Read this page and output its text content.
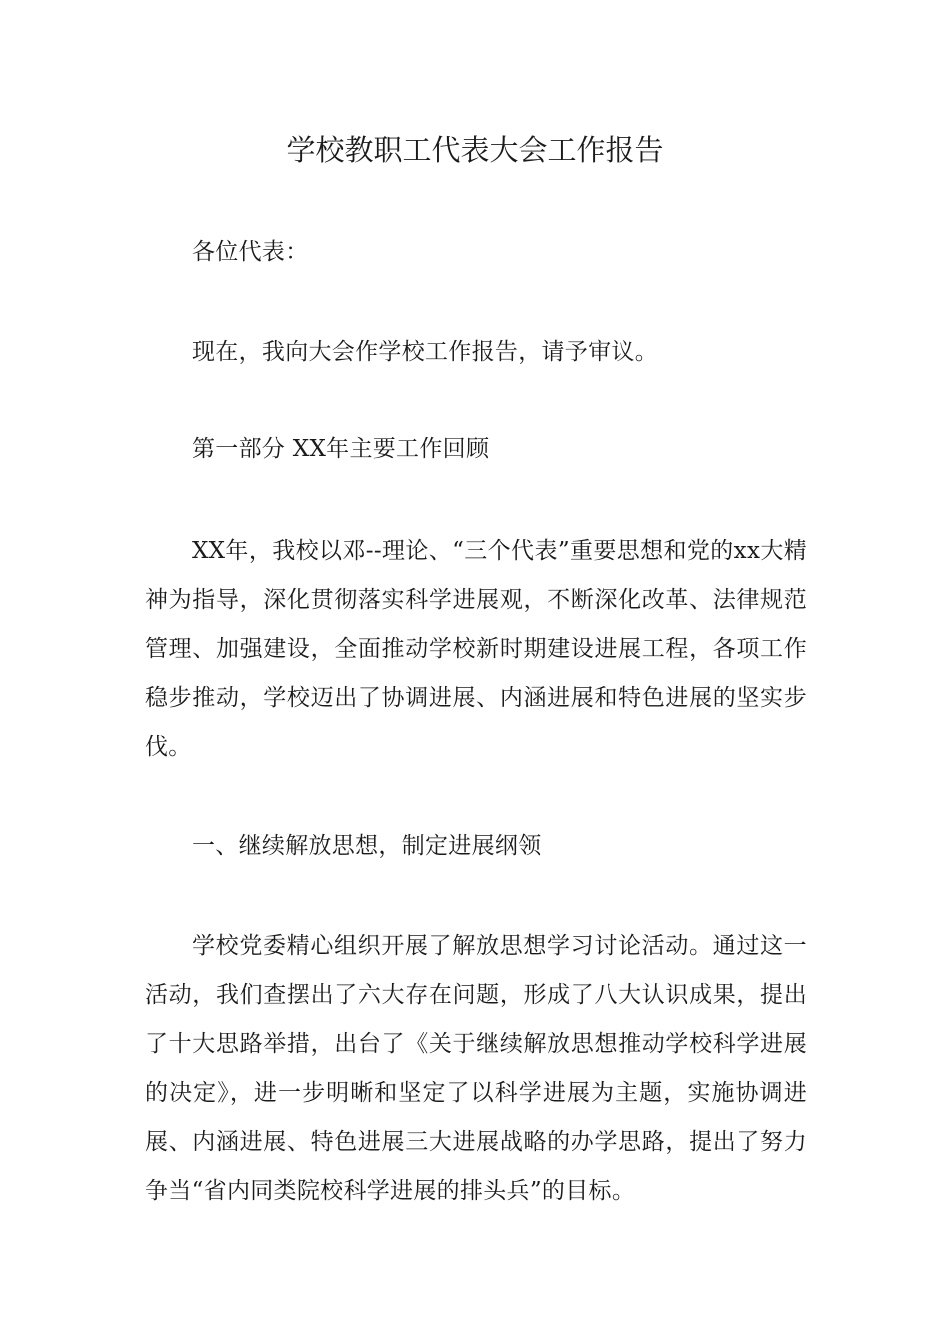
学校教职工代表大会工作报告

各位代表：

现在，我向大会作学校工作报告，请予审议。

第一部分 XX年主要工作回顾

XX年，我校以邓--理论、“三个代表”重要思想和党的xx大精神为指导，深化贯彻落实科学进展观，不断深化改革、法律规范管理、加强建设，全面推动学校新时期建设进展工程，各项工作稳步推动，学校迈出了协调进展、内涵进展和特色进展的坚实步伐。

一、继续解放思想，制定进展纲领

学校党委精心组织开展了解放思想学习讨论活动。通过这一活动，我们查摆出了六大存在问题，形成了八大认识成果，提出了十大思路举措，出台了《关于继续解放思想推动学校科学进展的决定》，进一步明晰和坚定了以科学进展为主题，实施协调进展、内涵进展、特色进展三大进展战略的办学思路，提出了努力争当“省内同类院校科学进展的排头兵”的目标。
